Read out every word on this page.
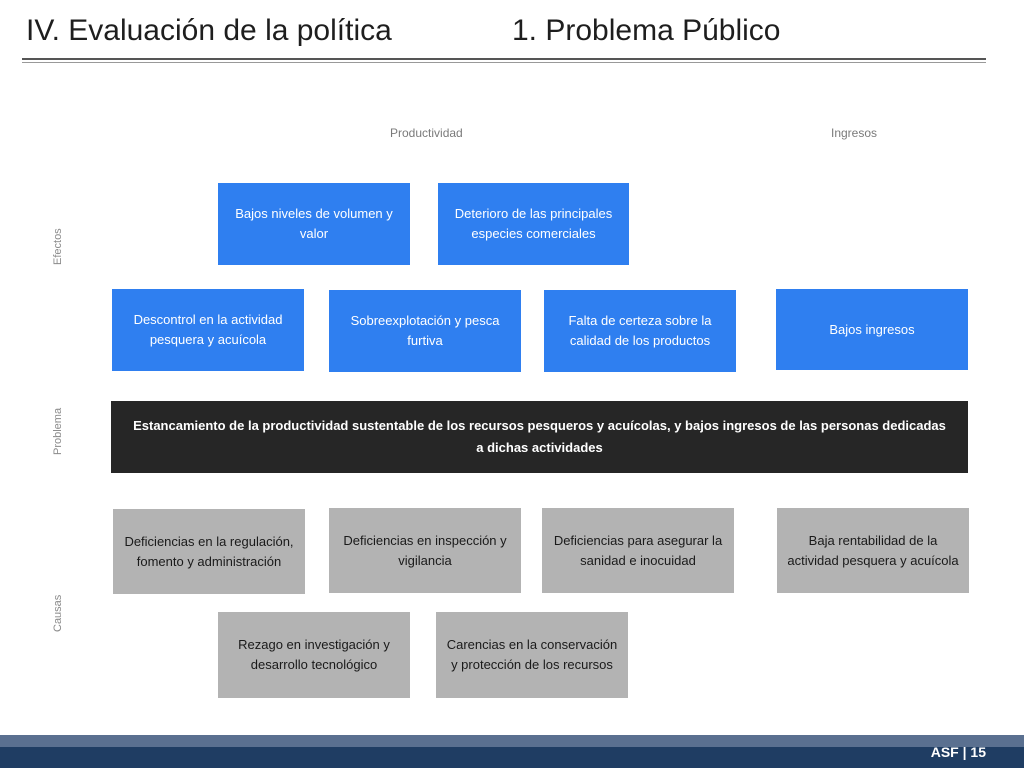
IV. Evaluación de la política	1. Problema Público
Productividad	Ingresos
Efectos
Problema
Causas
Bajos niveles de volumen y valor
Deterioro de las principales especies comerciales
Descontrol en la actividad pesquera y acuícola
Sobreexplotación y pesca furtiva
Falta de certeza sobre la calidad de los productos
Bajos ingresos
Estancamiento de la productividad sustentable de los recursos pesqueros y acuícolas, y bajos ingresos de las personas dedicadas a dichas actividades
Deficiencias en la regulación, fomento y administración
Deficiencias en inspección y vigilancia
Deficiencias para asegurar la sanidad e inocuidad
Baja rentabilidad de la actividad pesquera y acuícola
Rezago en investigación y desarrollo tecnológico
Carencias en la conservación y protección de los recursos
ASF | 15
